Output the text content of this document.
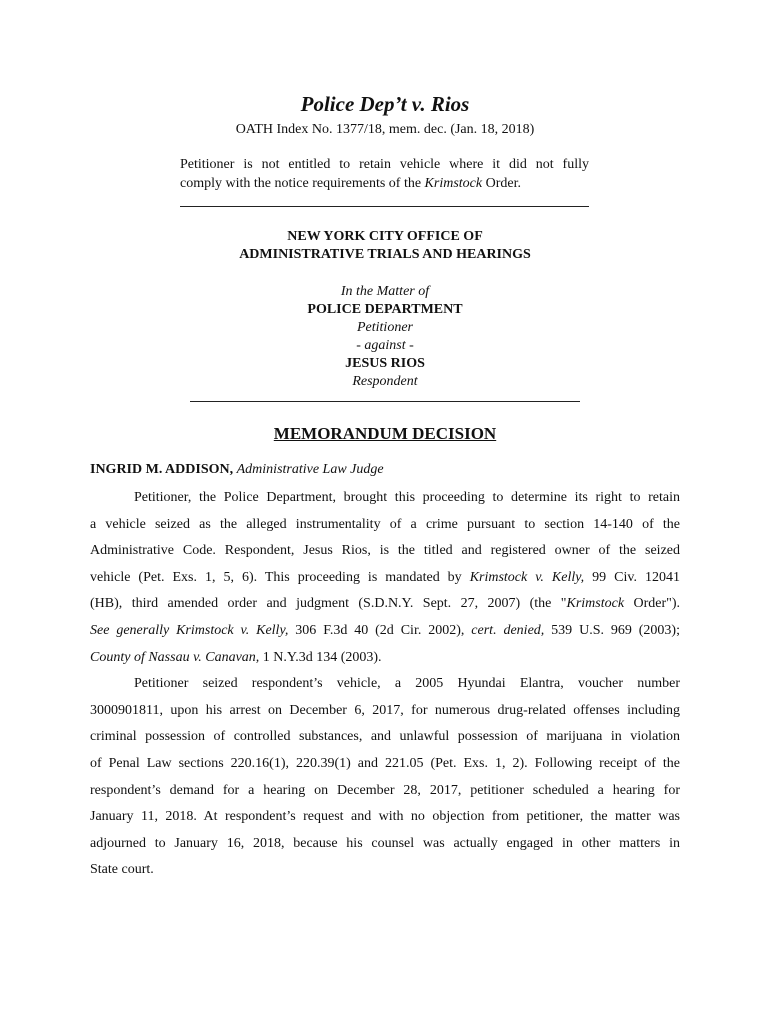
Police Dep’t v. Rios
OATH Index No. 1377/18, mem. dec. (Jan. 18, 2018)
Petitioner is not entitled to retain vehicle where it did not fully
comply with the notice requirements of the Krimstock Order.
NEW YORK CITY OFFICE OF
ADMINISTRATIVE TRIALS AND HEARINGS
In the Matter of
POLICE DEPARTMENT
Petitioner
- against -
JESUS RIOS
Respondent
MEMORANDUM DECISION
INGRID M. ADDISON, Administrative Law Judge
Petitioner, the Police Department, brought this proceeding to determine its right to retain
a vehicle seized as the alleged instrumentality of a crime pursuant to section 14-140 of the
Administrative Code. Respondent, Jesus Rios, is the titled and registered owner of the seized
vehicle (Pet. Exs. 1, 5, 6). This proceeding is mandated by Krimstock v. Kelly, 99 Civ. 12041
(HB), third amended order and judgment (S.D.N.Y. Sept. 27, 2007) (the "Krimstock Order").
See generally Krimstock v. Kelly, 306 F.3d 40 (2d Cir. 2002), cert. denied, 539 U.S. 969 (2003);
County of Nassau v. Canavan, 1 N.Y.3d 134 (2003).
Petitioner seized respondent’s vehicle, a 2005 Hyundai Elantra, voucher number
3000901811, upon his arrest on December 6, 2017, for numerous drug-related offenses including
criminal possession of controlled substances, and unlawful possession of marijuana in violation
of Penal Law sections 220.16(1), 220.39(1) and 221.05 (Pet. Exs. 1, 2). Following receipt of the
respondent’s demand for a hearing on December 28, 2017, petitioner scheduled a hearing for
January 11, 2018. At respondent’s request and with no objection from petitioner, the matter was
adjourned to January 16, 2018, because his counsel was actually engaged in other matters in
State court.
